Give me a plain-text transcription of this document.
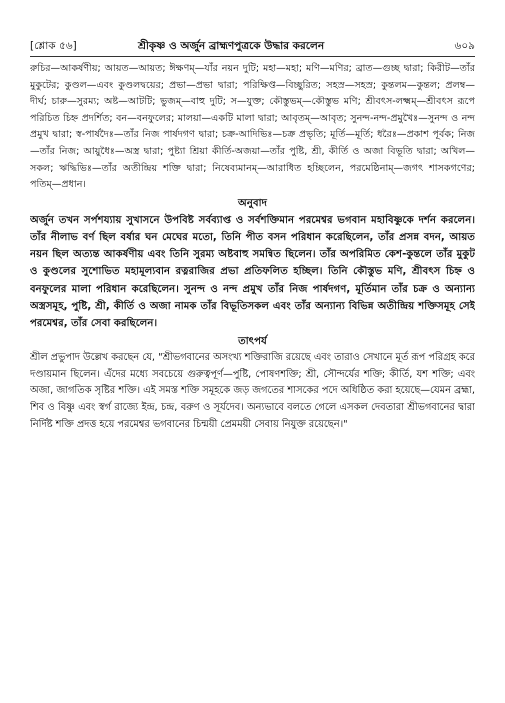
[শ্লোক ৫৬]	শ্রীকৃষ্ণ ও অর্জুন ব্রাহ্মণপুত্রকে উদ্ধার করলেন	৬০৯

রুচির—আকর্ষণীয়; আয়ত—আয়ত; ঈক্ষণম্—যাঁর নয়ন দুটি; মহা—মহা; মণি—মণির; ব্রাত—গুচ্ছ দ্বারা; কিরীট—তাঁর মুকুটের; কুণ্ডল—এবং কুণ্ডলদ্বয়ের; প্রভা—প্রভা দ্বারা; পরিক্ষিপ্ত—বিচ্ছুরিত; সহস্র—সহস্র; কুন্তলম—কুন্তল; প্রলম্ব—দীর্ঘ; চারু—সুরম্য; অষ্ট—আটটি; ভুজম্—বাহু দুটি; স—যুক্ত; কৌস্তুভম্—কৌস্তুভ মণি; শ্রীবৎস-লক্ষ্মম্—শ্রীবৎস রূপে পরিচিত চিহ্ন প্রদর্শিত; বন—বনফুলের; মালয়া—একটি মালা দ্বারা; আবৃতম্—আবৃত; সুনন্দ-নন্দ-প্রমুখৈঃ—সুনন্দ ও নন্দ প্রমুখ দ্বারা; স্ব-পার্ষদৈঃ—তাঁর নিজ পার্ষদগণ দ্বারা; চক্র-আদিভিঃ—চক্র প্রভৃতি; মূর্তি—মূর্তি; ধরৈঃ—প্রকাশ পূর্বক; নিজ—তাঁর নিজ; আয়ুধৈঃ—অস্ত্র দ্বারা; পুষ্ট্যা শ্রিয়া কীর্তি-অজয়া—তাঁর পুষ্টি, শ্রী, কীর্তি ও অজা বিভূতি দ্বারা; অখিল—সকল; ঋদ্ধিভিঃ—তাঁর অতীন্দ্রিয় শক্তি দ্বারা; নিষেব্যমানম্—আরাধিত হচ্ছিলেন, পরমেষ্ঠিনাম্—জগৎ শাসকগণের; পতিম্—প্রধান।

অনুবাদ

অর্জুন তখন সর্পশয্যায় সুখাসনে উপবিষ্ট সর্বব্যাপ্ত ও সর্বশক্তিমান পরমেশ্বর ভগবান মহাবিষ্ণুকে দর্শন করলেন। তাঁর নীলাভ বর্ণ ছিল বর্ষার ঘন মেঘের মতো, তিনি পীত বসন পরিধান করেছিলেন, তাঁর প্রসন্ন বদন, আয়ত নয়ন ছিল অত্যন্ত আকর্ষণীয় এবং তিনি সুরম্য অষ্টবাহু সমন্বিত ছিলেন। তাঁর অপরিমিত কেশ-কুন্তলে তাঁর মুকুট ও কুণ্ডলের সুশোভিত মহামূল্যবান রত্নরাজির প্রভা প্রতিফলিত হচ্ছিল। তিনি কৌস্তুভ মণি, শ্রীবৎস চিহ্ন ও বনফুলের মালা পরিধান করেছিলেন। সুনন্দ ও নন্দ প্রমুখ তাঁর নিজ পার্ষদগণ, মূর্তিমান তাঁর চক্র ও অন্যান্য অস্ত্রসমূহ, পুষ্টি, শ্রী, কীর্তি ও অজা নামক তাঁর বিভূতিসকল এবং তাঁর অন্যান্য বিভিন্ন অতীন্দ্রিয় শক্তিসমূহ সেই পরমেশ্বর, তাঁর সেবা করছিলেন।

তাৎপর্য

শ্রীল প্রভুপাদ উল্লেখ করছেন যে, "শ্রীভগবানের অসংখ্য শক্তিরাজি রয়েছে এবং তারাও সেখানে মূর্ত রূপ পরিগ্রহ করে দণ্ডায়মান ছিলেন। এঁদের মধ্যে সবচেয়ে গুরুত্বপূর্ণ—পুষ্টি, পোষণশক্তি; শ্রী, সৌন্দর্যের শক্তি; কীর্তি, যশ শক্তি; এবং অজা, জাগতিক সৃষ্টির শক্তি। এই সমস্ত শক্তি সমূহকে জড় জগতের শাসকের পদে অধিষ্ঠিত করা হয়েছে—যেমন ব্রহ্মা, শিব ও বিষ্ণু এবং স্বর্গ রাজ্যে ইন্দ্র, চন্দ্র, বরুণ ও সূর্যদেব। অন্যভাবে বলতে গেলে এসকল দেবতারা শ্রীভগবানের দ্বারা নির্দিষ্ট শক্তি প্রদত্ত হয়ে পরমেশ্বর ভগবানের চিন্ময়ী প্রেমময়ী সেবায় নিযুক্ত রয়েছেন।"
